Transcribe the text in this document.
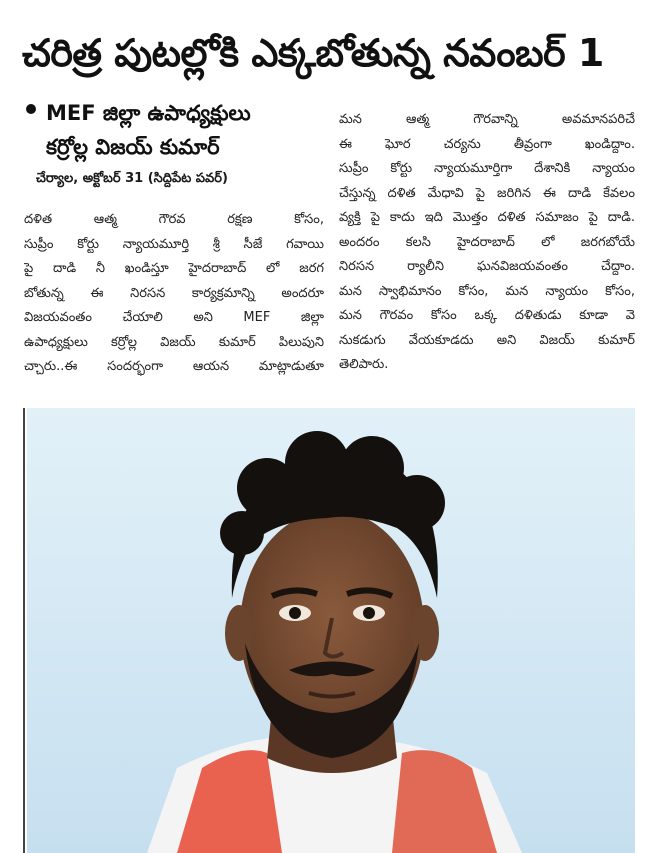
చరిత్ర పుటల్లోకి ఎక్కబోతున్న నవంబర్ 1
MEF జిల్లా ఉపాధ్యక్షులు
కర్రోల్ల విజయ్ కుమార్
చేర్యాల, అక్టోబర్ 31 (సిద్దిపేట పవర్)
దళిత ఆత్మ గౌరవ రక్షణ కోసం,
సుప్రీం కోర్టు న్యాయమూర్తి శ్రీ సీజే గవాయి
పై దాడి నీ ఖండిస్తూ హైదరాబాద్ లో జరగ
బోతున్న ఈ నిరసన కార్యక్రమాన్ని అందరూ
విజయవంతం చేయాలి అని MEF జిల్లా
ఉపాధ్యక్షులు కర్రోల్ల విజయ్ కుమార్ పిలుపుని
చ్చారు..ఈ సందర్భంగా ఆయన మాట్లాడుతూ
మన ఆత్మ గౌరవాన్ని అవమానపరిచే
ఈ ఘోర చర్యను తీవ్రంగా ఖండిద్దాం.
సుప్రీం కోర్టు న్యాయమూర్తిగా దేశానికి న్యాయం
చేస్తున్న దళిత మేధావి పై జరిగిన ఈ దాడి కేవలం
వ్యక్తి పై కాదు ఇది మొత్తం దళిత సమాజం పై దాడి.
అందరం కలసి హైదరాబాద్ లో జరగబోయే
నిరసన ర్యాలీని ఘనవిజయవంతం చేద్దాం.
మన స్వాభిమానం కోసం, మన న్యాయం కోసం,
మన గౌరవం కోసం ఒక్క దళితుడు కూడా వె
నుకడుగు వేయకూడదు అని విజయ్ కుమార్
తెలిపారు.
